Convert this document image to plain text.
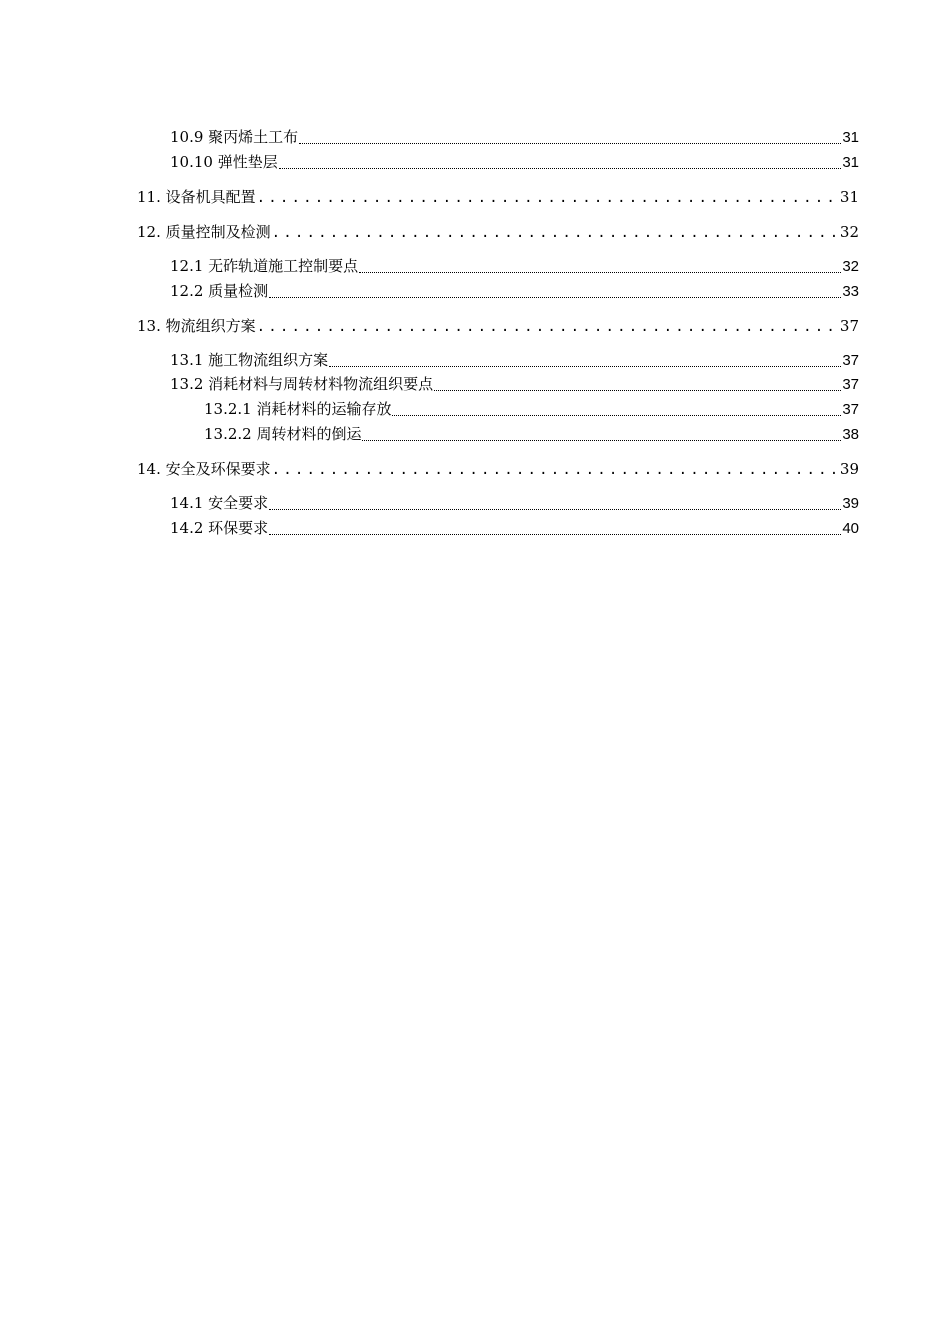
10.9 聚丙烯土工布	31
10.10 弹性垫层	31
11. 设备机具配置 .....	31
12. 质量控制及检测 .....	32
12.1 无砟轨道施工控制要点	32
12.2 质量检测	33
13. 物流组织方案 .....	37
13.1 施工物流组织方案	37
13.2 消耗材料与周转材料物流组织要点	37
13.2.1 消耗材料的运输存放	37
13.2.2 周转材料的倒运	38
14. 安全及环保要求 .....	39
14.1 安全要求	39
14.2 环保要求	40
